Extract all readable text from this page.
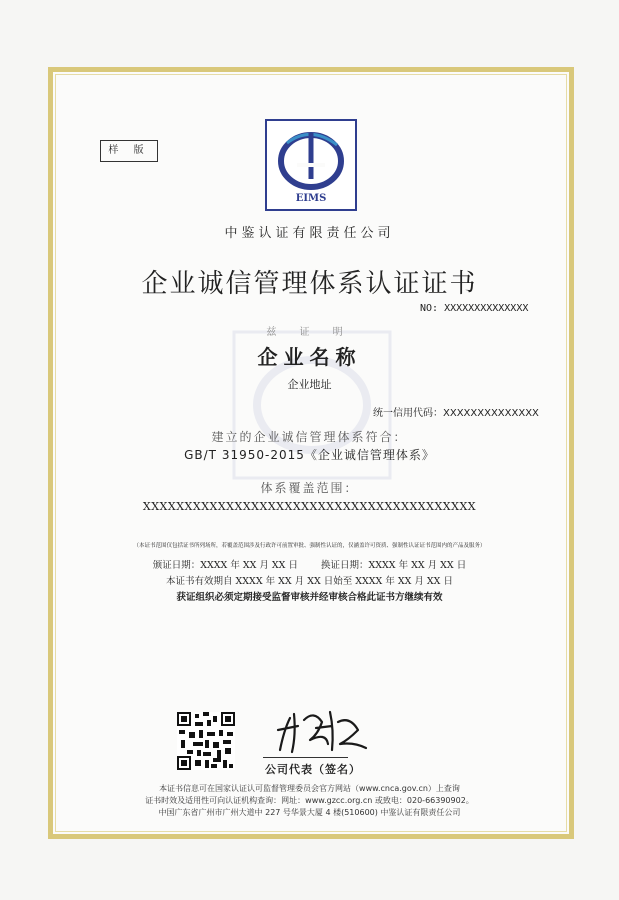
样 版
EIMS
中鉴认证有限责任公司
企业诚信管理体系认证证书
NO: XXXXXXXXXXXXXX
兹 证 明
企业名称
企业地址
统一信用代码：XXXXXXXXXXXXXX
建立的企业诚信管理体系符合：
GB/T 31950-2015《企业诚信管理体系》
体系覆盖范围：
XXXXXXXXXXXXXXXXXXXXXXXXXXXXXXXXXXXXXXXX
（本证书范围仅包括证书所列场所，若覆盖范围涉及行政许可前置审批、强制性认证的，仅涵盖许可资质、强制性认证证书范围内的产品及服务）
颁证日期：XXXX 年 XX 月 XX 日 换证日期：XXXX 年 XX 月 XX 日
本证书有效期自 XXXX 年 XX 月 XX 日始至 XXXX 年 XX 月 XX 日
获证组织必须定期接受监督审核并经审核合格此证书方继续有效
公司代表（签名）
本证书信息可在国家认证认可监督管理委员会官方网站（www.cnca.gov.cn）上查询
证书时效及适用性可向认证机构查询：网址：www.gzcc.org.cn 或致电：020-66390902。
中国广东省广州市广州大道中 227 号华景大厦 4 楼(510600) 中鉴认证有限责任公司
